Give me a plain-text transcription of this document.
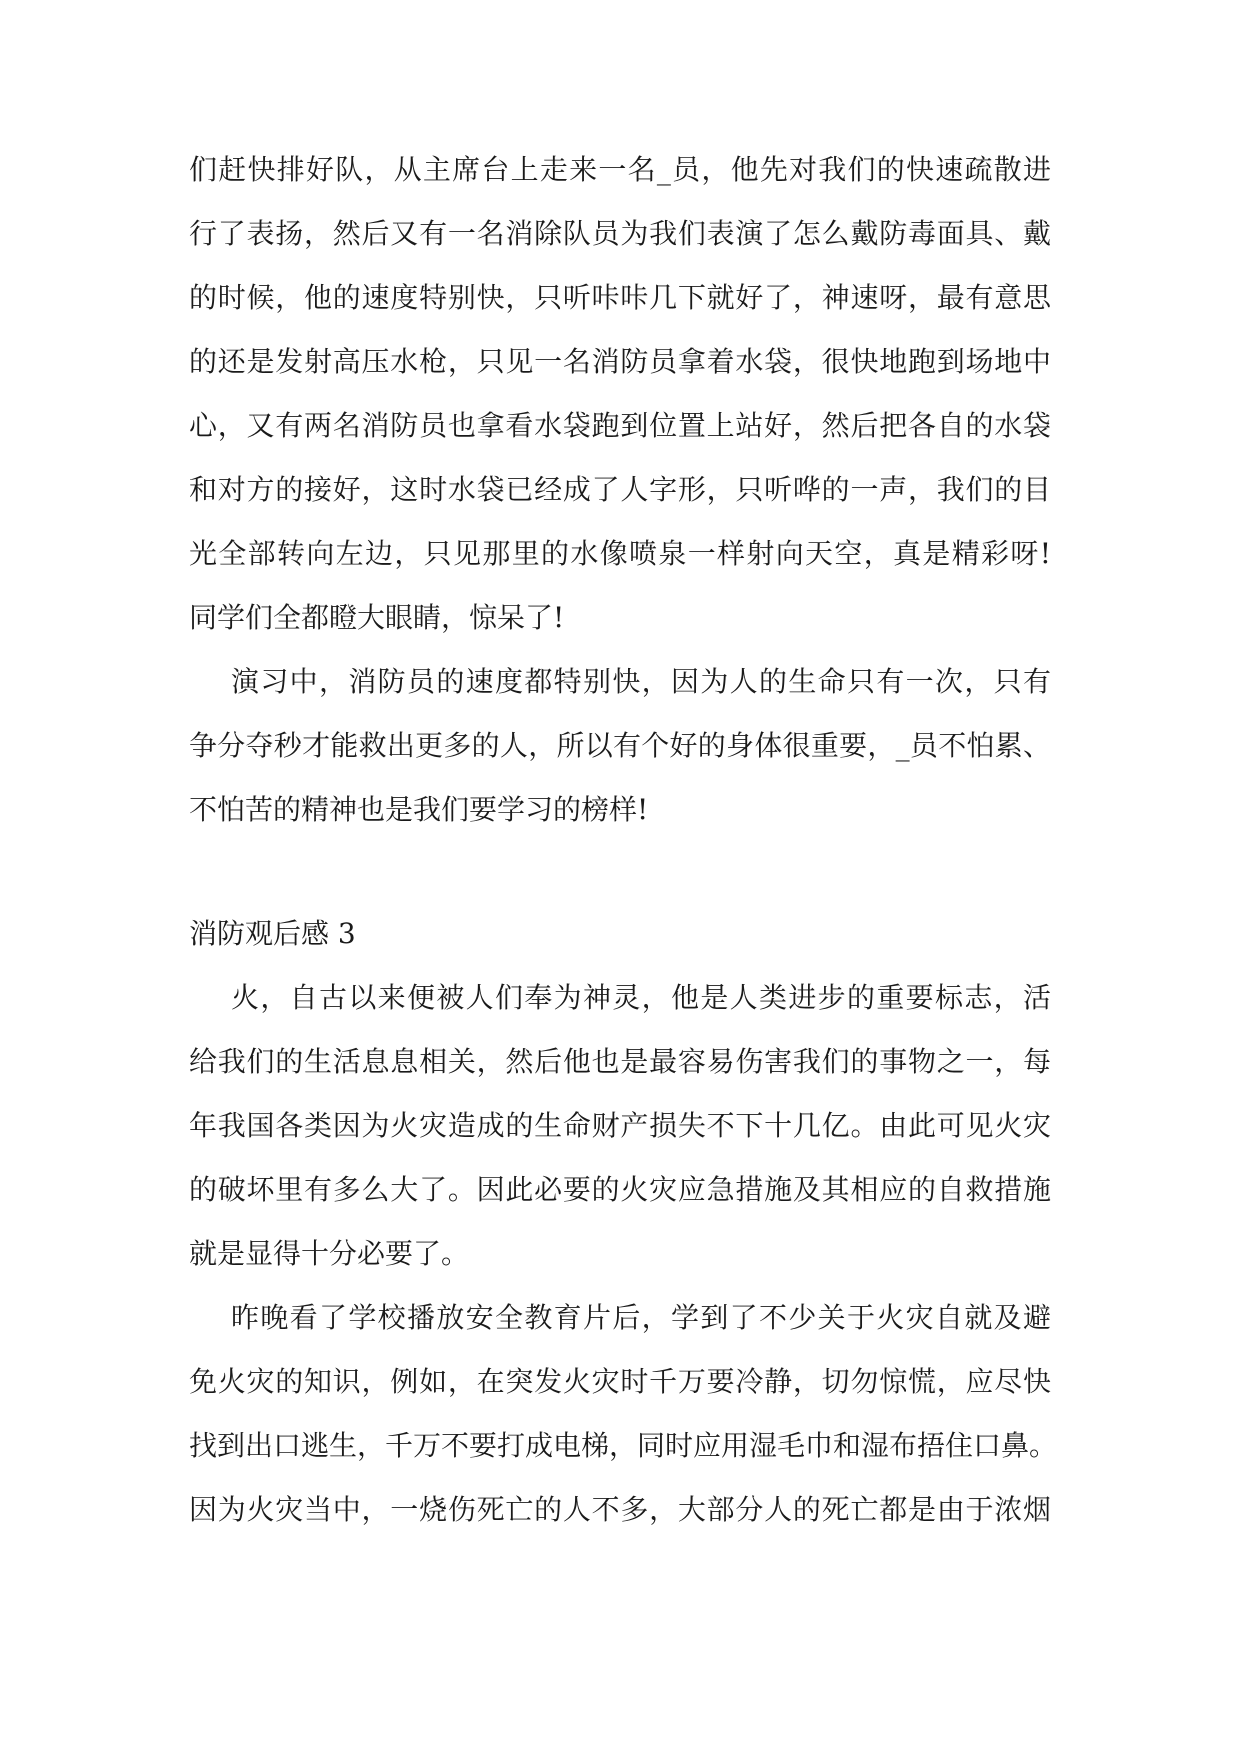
们赶快排好队，从主席台上走来一名_员，他先对我们的快速疏散进

行了表扬，然后又有一名消除队员为我们表演了怎么戴防毒面具、戴

的时候，他的速度特别快，只听咔咔几下就好了，神速呀，最有意思

的还是发射高压水枪，只见一名消防员拿着水袋，很快地跑到场地中

心，又有两名消防员也拿看水袋跑到位置上站好，然后把各自的水袋

和对方的接好，这时水袋已经成了人字形，只听哗的一声，我们的目

光全部转向左边，只见那里的水像喷泉一样射向天空，真是精彩呀!

同学们全都瞪大眼睛，惊呆了!

演习中，消防员的速度都特别快，因为人的生命只有一次，只有

争分夺秒才能救出更多的人，所以有个好的身体很重要，_员不怕累、

不怕苦的精神也是我们要学习的榜样!

消防观后感 3

火，自古以来便被人们奉为神灵，他是人类进步的重要标志，活

给我们的生活息息相关，然后他也是最容易伤害我们的事物之一，每

年我国各类因为火灾造成的生命财产损失不下十几亿。由此可见火灾

的破坏里有多么大了。因此必要的火灾应急措施及其相应的自救措施

就是显得十分必要了。

昨晚看了学校播放安全教育片后，学到了不少关于火灾自就及避

免火灾的知识，例如，在突发火灾时千万要冷静，切勿惊慌，应尽快

找到出口逃生，千万不要打成电梯，同时应用湿毛巾和湿布捂住口鼻。

因为火灾当中，一烧伤死亡的人不多，大部分人的死亡都是由于浓烟
